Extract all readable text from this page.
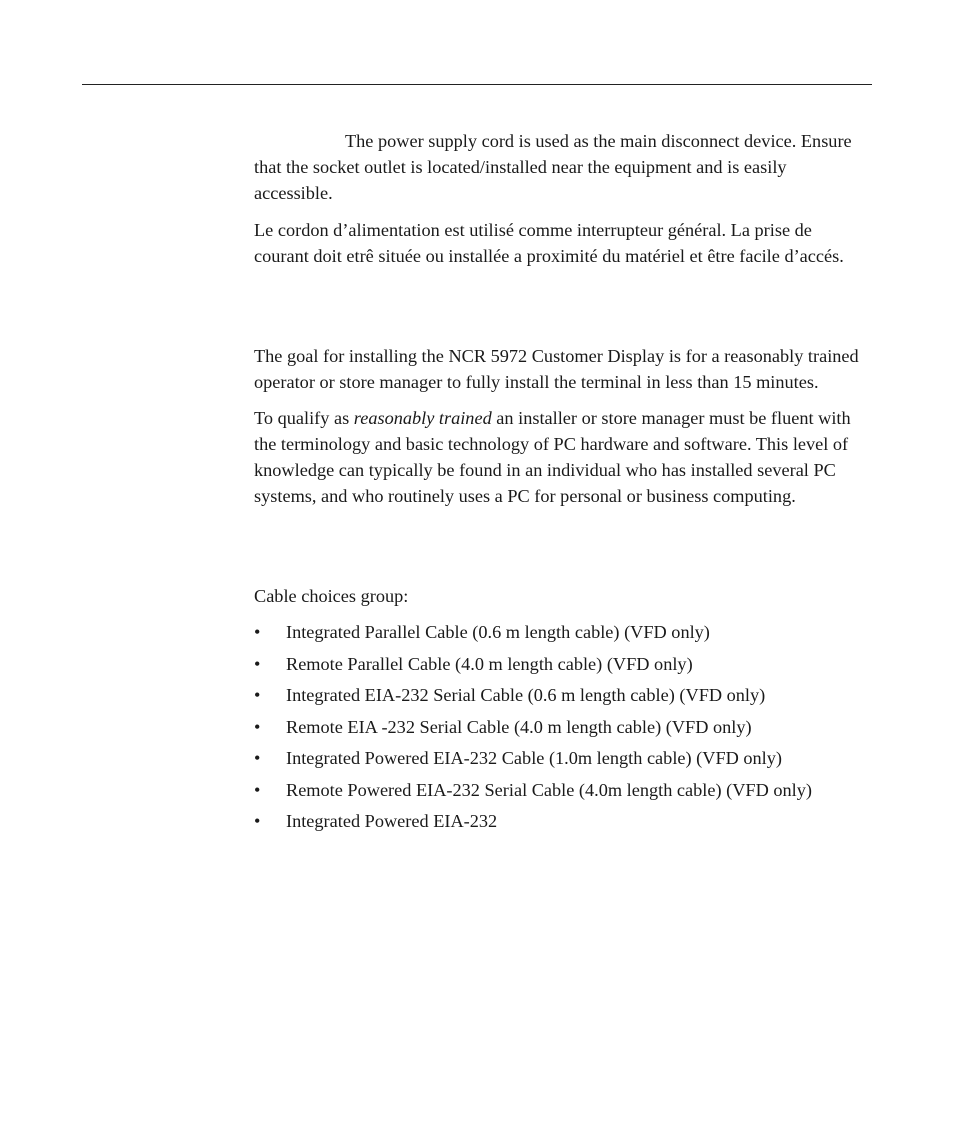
The power supply cord is used as the main disconnect device. Ensure that the socket outlet is located/installed near the equipment and is easily accessible.

Le cordon d’alimentation est utilisé comme interrupteur général. La prise de courant doit etrê située ou installée a proximité du matériel et être facile d’accés.

The goal for installing the NCR 5972 Customer Display is for a reasonably trained operator or store manager to fully install the terminal in less than 15 minutes.

To qualify as reasonably trained an installer or store manager must be fluent with the terminology and basic technology of PC hardware and software. This level of knowledge can typically be found in an individual who has installed several PC systems, and who routinely uses a PC for personal or business computing.

Cable choices group:

•	Integrated Parallel Cable (0.6 m length cable) (VFD only)
•	Remote Parallel Cable (4.0 m length cable) (VFD only)
•	Integrated EIA-232 Serial Cable (0.6 m length cable) (VFD only)
•	Remote EIA -232 Serial Cable (4.0 m length cable) (VFD only)
•	Integrated Powered EIA-232 Cable (1.0m length cable) (VFD only)
•	Remote Powered EIA-232 Serial Cable (4.0m length cable) (VFD only)
•	Integrated Powered EIA-232
